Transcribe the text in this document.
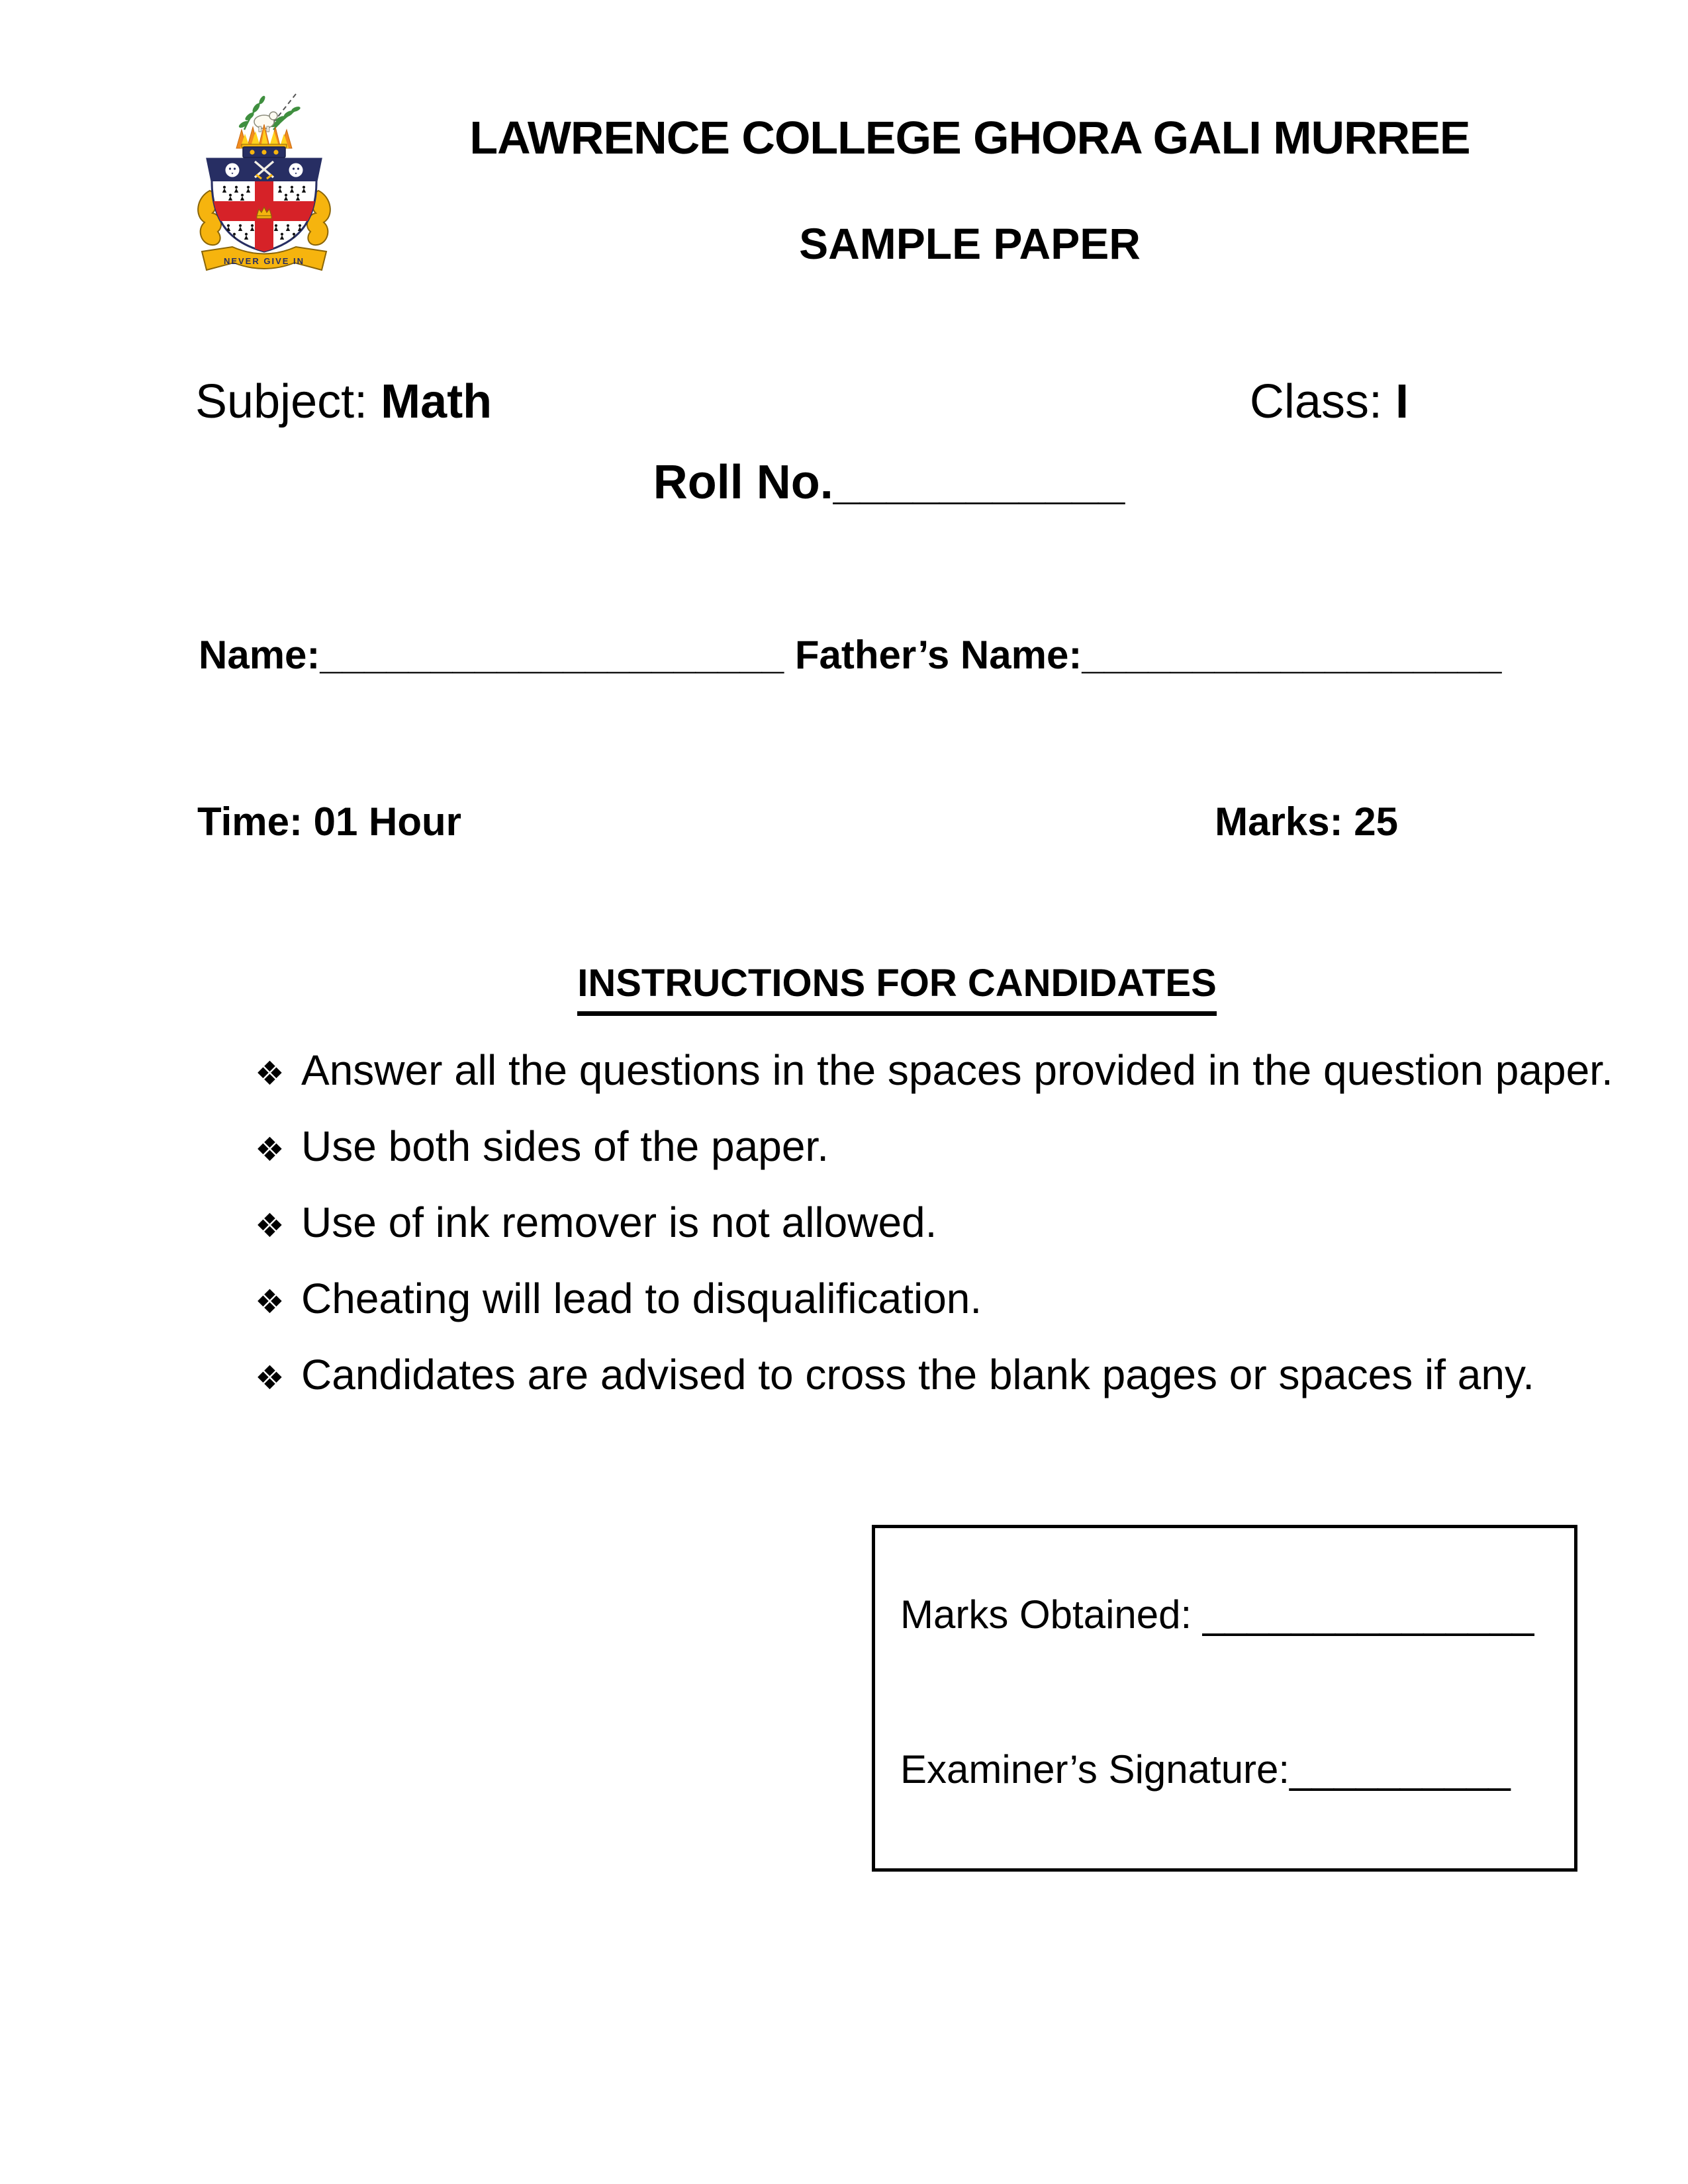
NEVER GIVE IN
LAWRENCE COLLEGE GHORA GALI MURREE
SAMPLE PAPER
Subject: Math	Class: I
Roll No.___________
Name:_____________________ Father’s Name:___________________
Time: 01 Hour	Marks: 25
INSTRUCTIONS FOR CANDIDATES
❖ Answer all the questions in the spaces provided in the question paper.
❖ Use both sides of the paper.
❖ Use of ink remover is not allowed.
❖ Cheating will lead to disqualification.
❖ Candidates are advised to cross the blank pages or spaces if any.
Marks Obtained: _______________
Examiner’s Signature:__________
